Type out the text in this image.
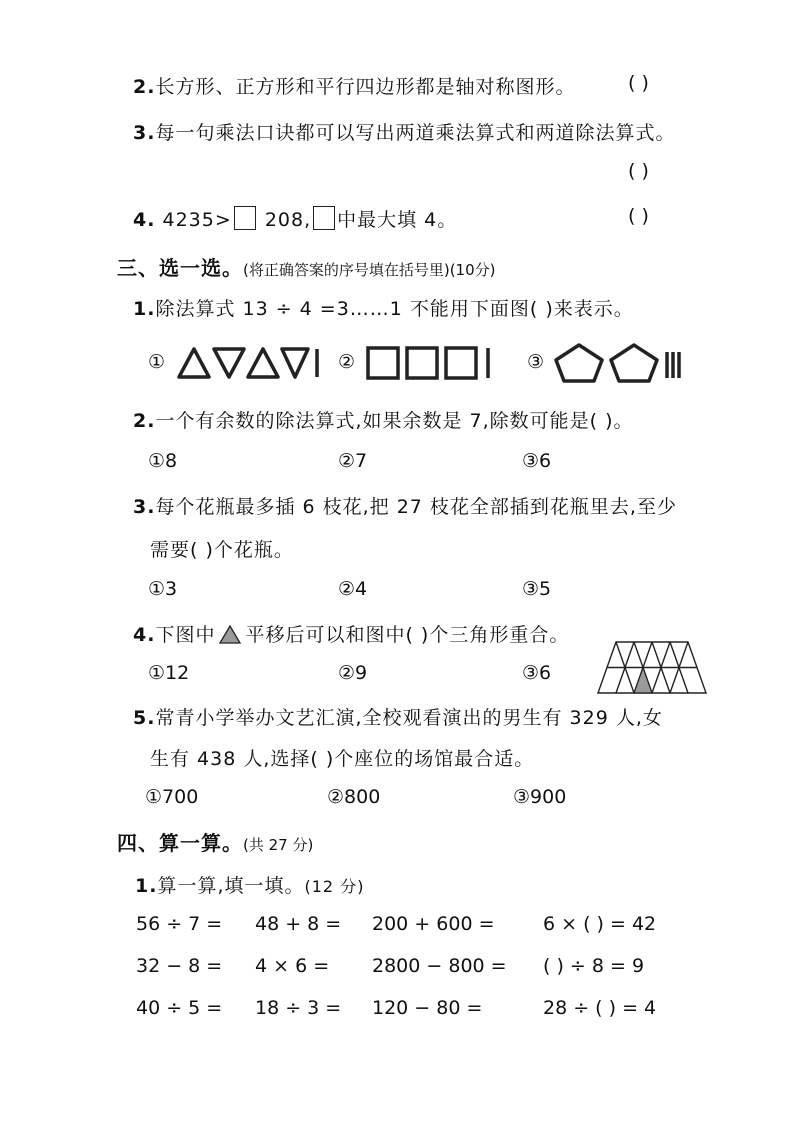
2.长方形、正方形和平行四边形都是轴对称图形。	( )
3.每一句乘法口诀都可以写出两道乘法算式和两道除法算式。
( )
4. 4235> 208, 中最大填 4。	( )
三、选一选。(将正确答案的序号填在括号里)(10分)
1.除法算式 13 ÷ 4 =3……1 不能用下面图( )来表示。
①	②	③
2.一个有余数的除法算式,如果余数是 7,除数可能是( )。
①8	②7	③6
3.每个花瓶最多插 6 枝花,把 27 枝花全部插到花瓶里去,至少
需要( )个花瓶。
①3	②4	③5
4.下图中 平移后可以和图中( )个三角形重合。
①12	②9	③6
5.常青小学举办文艺汇演,全校观看演出的男生有 329 人,女
生有 438 人,选择( )个座位的场馆最合适。
①700	②800	③900
四、算一算。(共 27 分)
1.算一算,填一填。(12 分)
56 ÷ 7 = 48 + 8 = 200 + 600 =	6 × ( ) = 42
32 − 8 = 4 × 6 = 2800 − 800 = ( ) ÷ 8 = 9
40 ÷ 5 = 18 ÷ 3 = 120 − 80 =	28 ÷ ( ) = 4
